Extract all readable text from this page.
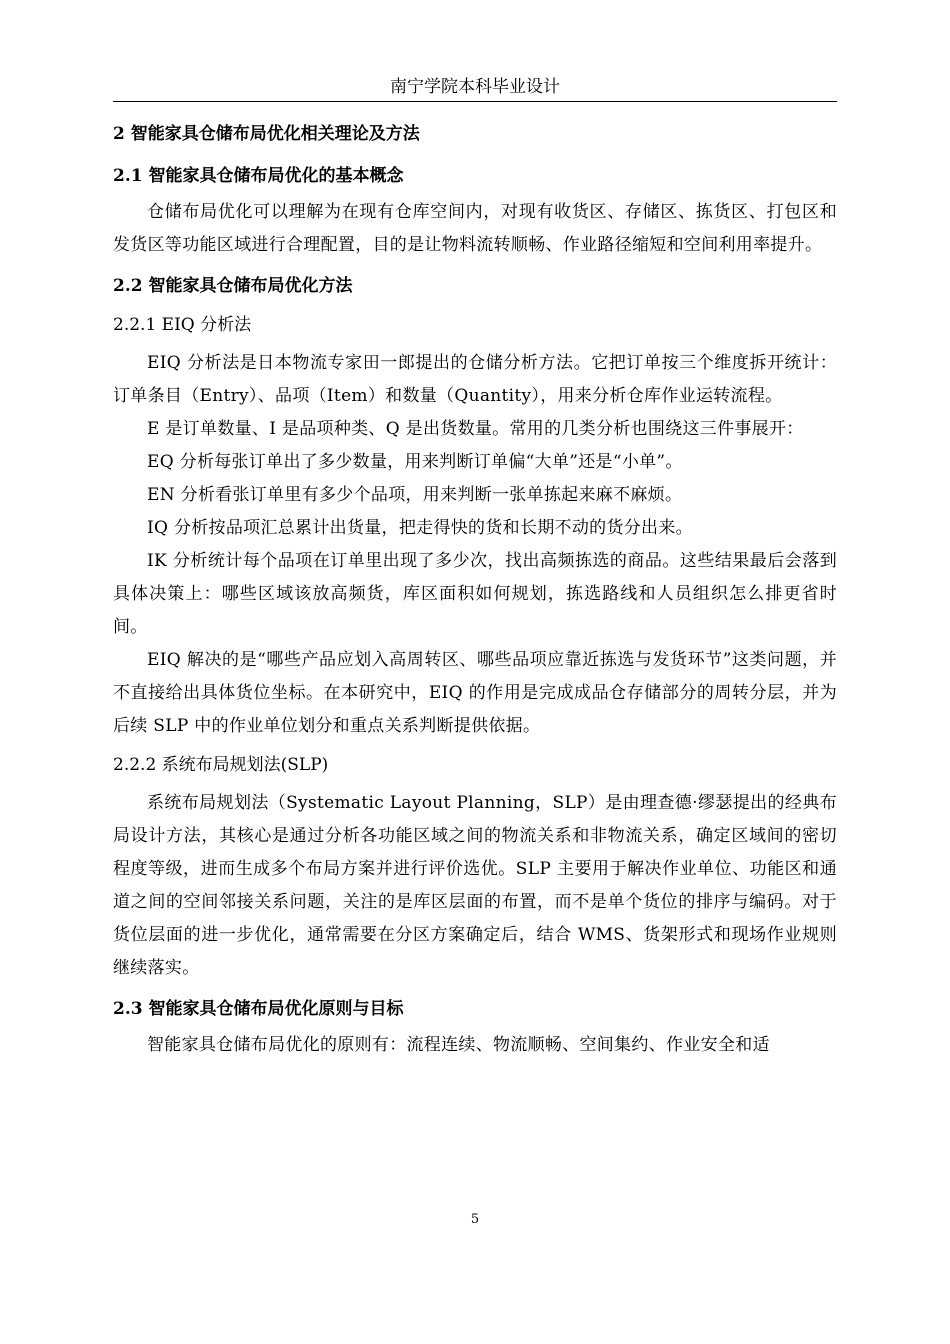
南宁学院本科毕业设计
2 智能家具仓储布局优化相关理论及方法
2.1 智能家具仓储布局优化的基本概念

仓储布局优化可以理解为在现有仓库空间内，对现有收货区、存储区、拣货区、打包区和发货区等功能区域进行合理配置，目的是让物料流转顺畅、作业路径缩短和空间利用率提升。

2.2 智能家具仓储布局优化方法
2.2.1 EIQ 分析法

EIQ 分析法是日本物流专家田一郎提出的仓储分析方法。它把订单按三个维度拆开统计：订单条目（Entry）、品项（Item）和数量（Quantity），用来分析仓库作业运转流程。

E 是订单数量、I 是品项种类、Q 是出货数量。常用的几类分析也围绕这三件事展开：

EQ 分析每张订单出了多少数量，用来判断订单偏“大单”还是“小单”。

EN 分析看张订单里有多少个品项，用来判断一张单拣起来麻不麻烦。

IQ 分析按品项汇总累计出货量，把走得快的货和长期不动的货分出来。

IK 分析统计每个品项在订单里出现了多少次，找出高频拣选的商品。这些结果最后会落到具体决策上：哪些区域该放高频货，库区面积如何规划，拣选路线和人员组织怎么排更省时间。

EIQ 解决的是“哪些产品应划入高周转区、哪些品项应靠近拣选与发货环节”这类问题，并不直接给出具体货位坐标。在本研究中，EIQ 的作用是完成成品仓存储部分的周转分层，并为后续 SLP 中的作业单位划分和重点关系判断提供依据。

2.2.2 系统布局规划法(SLP)

系统布局规划法（Systematic Layout Planning，SLP）是由理查德·缪瑟提出的经典布局设计方法，其核心是通过分析各功能区域之间的物流关系和非物流关系，确定区域间的密切程度等级，进而生成多个布局方案并进行评价选优。SLP 主要用于解决作业单位、功能区和通道之间的空间邻接关系问题，关注的是库区层面的布置，而不是单个货位的排序与编码。对于货位层面的进一步优化，通常需要在分区方案确定后，结合 WMS、货架形式和现场作业规则继续落实。

2.3 智能家具仓储布局优化原则与目标

智能家具仓储布局优化的原则有：流程连续、物流顺畅、空间集约、作业安全和适

5
